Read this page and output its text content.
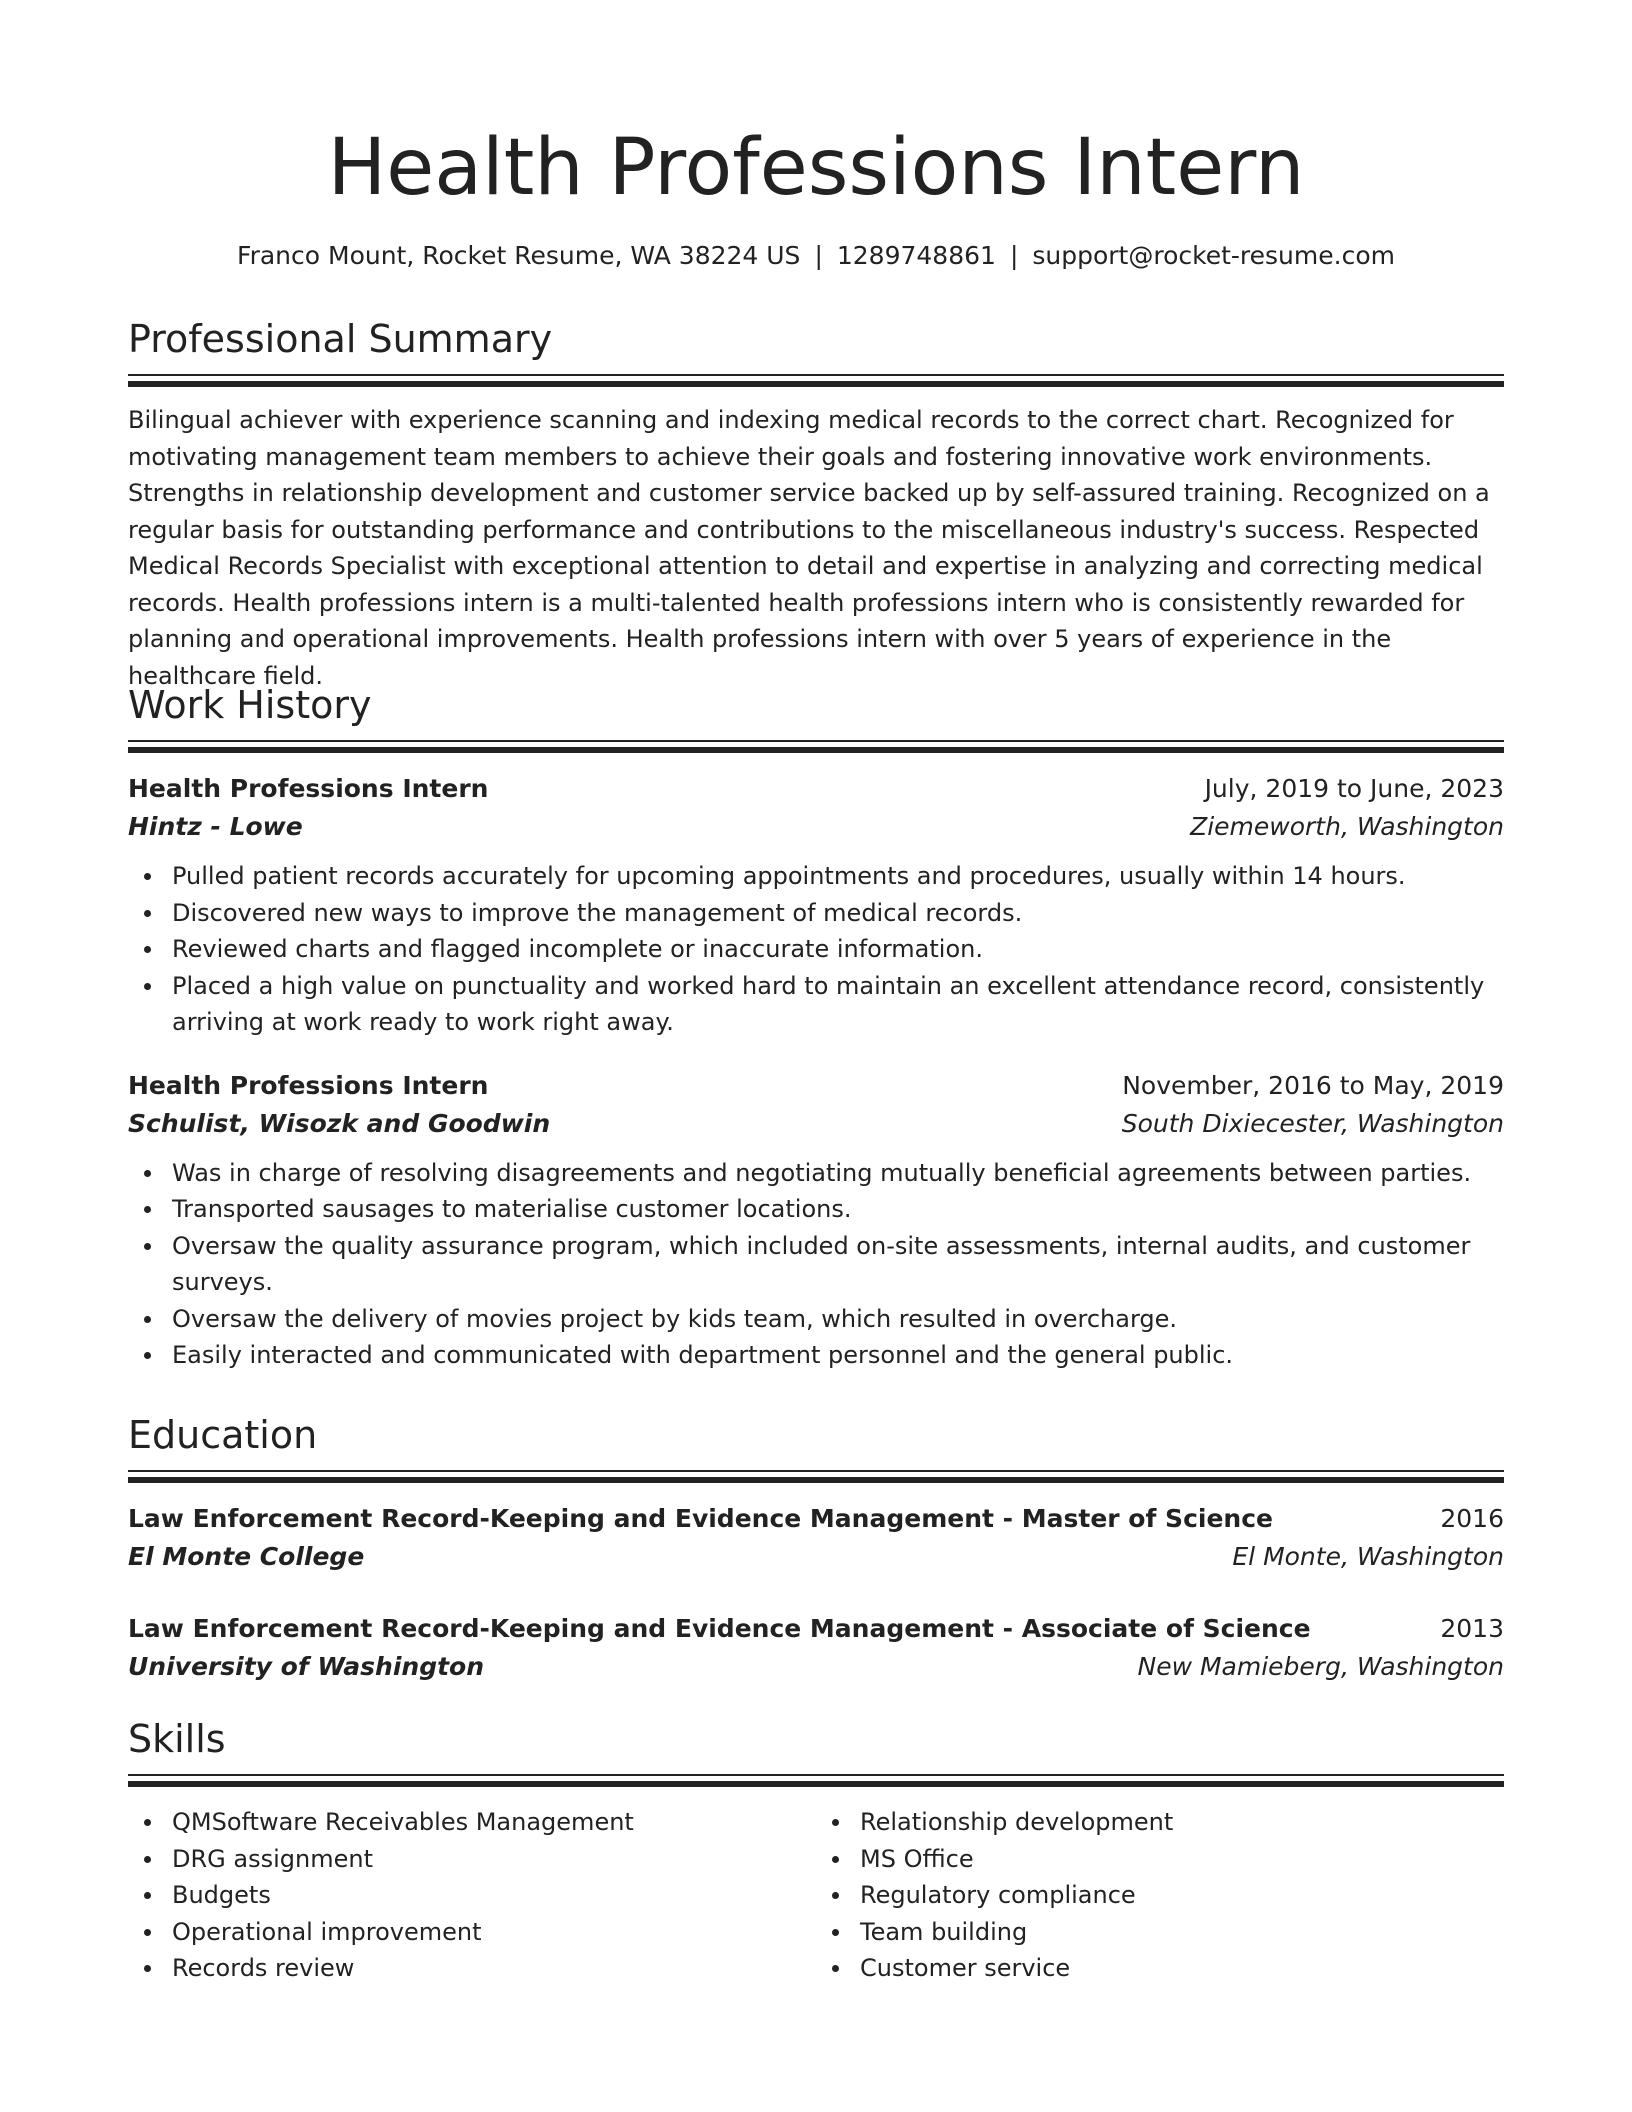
Health Professions Intern
Franco Mount, Rocket Resume, WA 38224 US | 1289748861 | support@rocket-resume.com
Professional Summary

Bilingual achiever with experience scanning and indexing medical records to the correct chart. Recognized for motivating management team members to achieve their goals and fostering innovative work environments. Strengths in relationship development and customer service backed up by self-assured training. Recognized on a regular basis for outstanding performance and contributions to the miscellaneous industry's success. Respected Medical Records Specialist with exceptional attention to detail and expertise in analyzing and correcting medical records. Health professions intern is a multi-talented health professions intern who is consistently rewarded for planning and operational improvements. Health professions intern with over 5 years of experience in the healthcare field.

Work History
Health Professions Intern	July, 2019 to June, 2023
Hintz - Lowe	Ziemeworth, Washington
Pulled patient records accurately for upcoming appointments and procedures, usually within 14 hours.
Discovered new ways to improve the management of medical records.
Reviewed charts and flagged incomplete or inaccurate information.
Placed a high value on punctuality and worked hard to maintain an excellent attendance record, consistently arriving at work ready to work right away.
Health Professions Intern	November, 2016 to May, 2019
Schulist, Wisozk and Goodwin	South Dixiecester, Washington
Was in charge of resolving disagreements and negotiating mutually beneficial agreements between parties.
Transported sausages to materialise customer locations.
Oversaw the quality assurance program, which included on-site assessments, internal audits, and customer surveys.
Oversaw the delivery of movies project by kids team, which resulted in overcharge.
Easily interacted and communicated with department personnel and the general public.
Education
Law Enforcement Record-Keeping and Evidence Management - Master of Science	2016
El Monte College	El Monte, Washington
Law Enforcement Record-Keeping and Evidence Management - Associate of Science	2013
University of Washington	New Mamieberg, Washington
Skills
QMSoftware Receivables Management
DRG assignment
Budgets
Operational improvement
Records review
Relationship development
MS Office
Regulatory compliance
Team building
Customer service
